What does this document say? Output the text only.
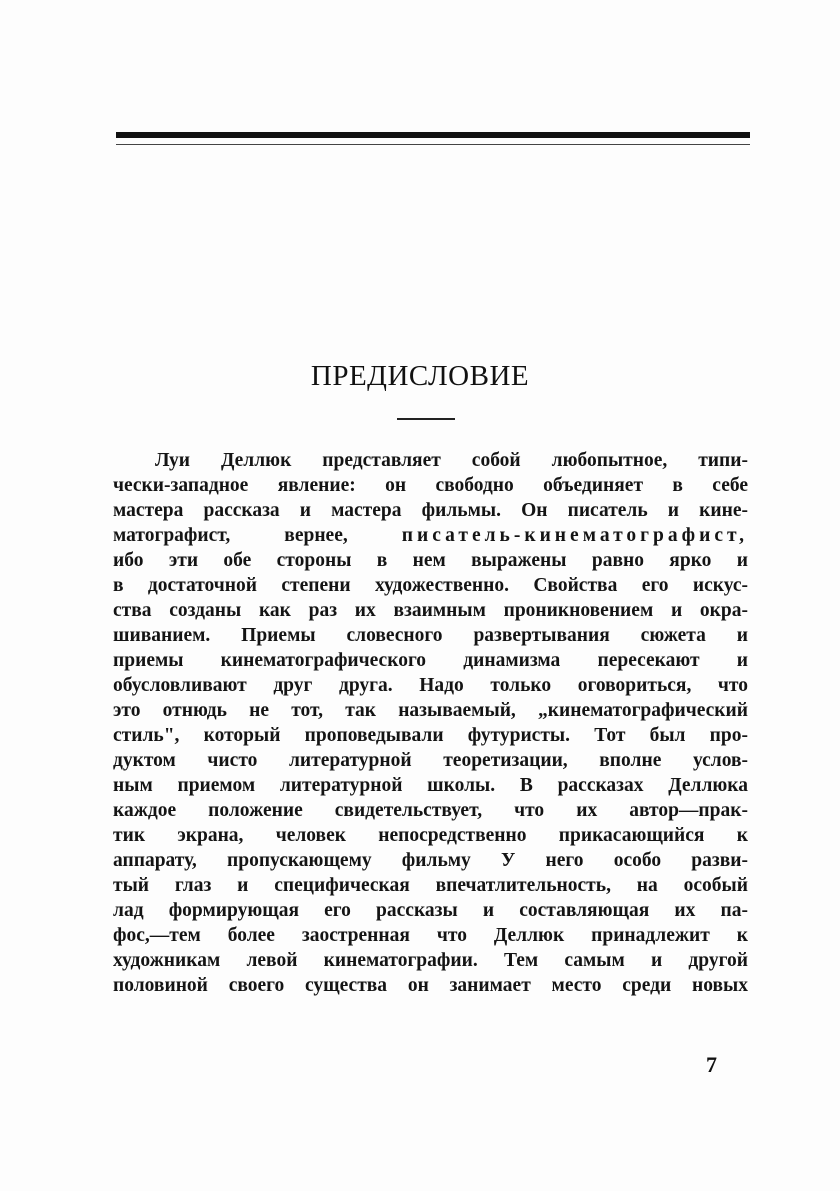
ПРЕДИСЛОВИЕ
Луи Деллюк представляет собой любопытное, типи-
чески-западное явление: он свободно объединяет в себе
мастера рассказа и мастера фильмы. Он писатель и кине-
матографист, вернее, писатель-кинематографист,
ибо эти обе стороны в нем выражены равно ярко и
в достаточной степени художественно. Свойства его искус-
ства созданы как раз их взаимным проникновением и окра-
шиванием. Приемы словесного развертывания сюжета и
приемы кинематографического динамизма пересекают и
обусловливают друг друга. Надо только оговориться, что
это отнюдь не тот, так называемый, „кинематографический
стиль", который проповедывали футуристы. Тот был про-
дуктом чисто литературной теоретизации, вполне услов-
ным приемом литературной школы. В рассказах Деллюка
каждое положение свидетельствует, что их автор—прак-
тик экрана, человек непосредственно прикасающийся к
аппарату, пропускающему фильму У него особо разви-
тый глаз и специфическая впечатлительность, на особый
лад формирующая его рассказы и составляющая их па-
фос,—тем более заостренная что Деллюк принадлежит к
художникам левой кинематографии. Тем самым и другой
половиной своего существа он занимает место среди новых
7
